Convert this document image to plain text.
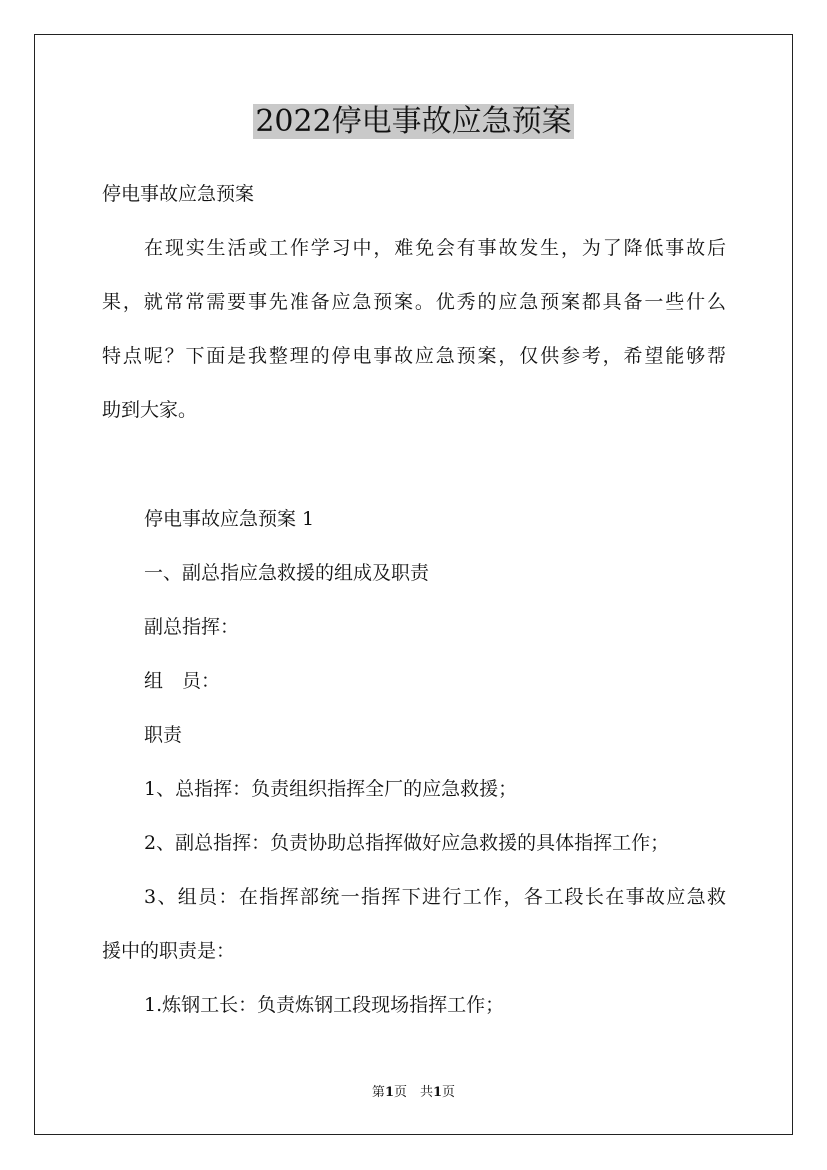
2022停电事故应急预案
停电事故应急预案
在现实生活或工作学习中，难免会有事故发生，为了降低事故后
果，就常常需要事先准备应急预案。优秀的应急预案都具备一些什么
特点呢？下面是我整理的停电事故应急预案，仅供参考，希望能够帮
助到大家。
停电事故应急预案 1
一、副总指应急救援的组成及职责
副总指挥：
组　员：
职责
1、总指挥：负责组织指挥全厂的应急救援；
2、副总指挥：负责协助总指挥做好应急救援的具体指挥工作；
3、组员：在指挥部统一指挥下进行工作，各工段长在事故应急救
援中的职责是：
1.炼钢工长：负责炼钢工段现场指挥工作；
第1页　共1页
